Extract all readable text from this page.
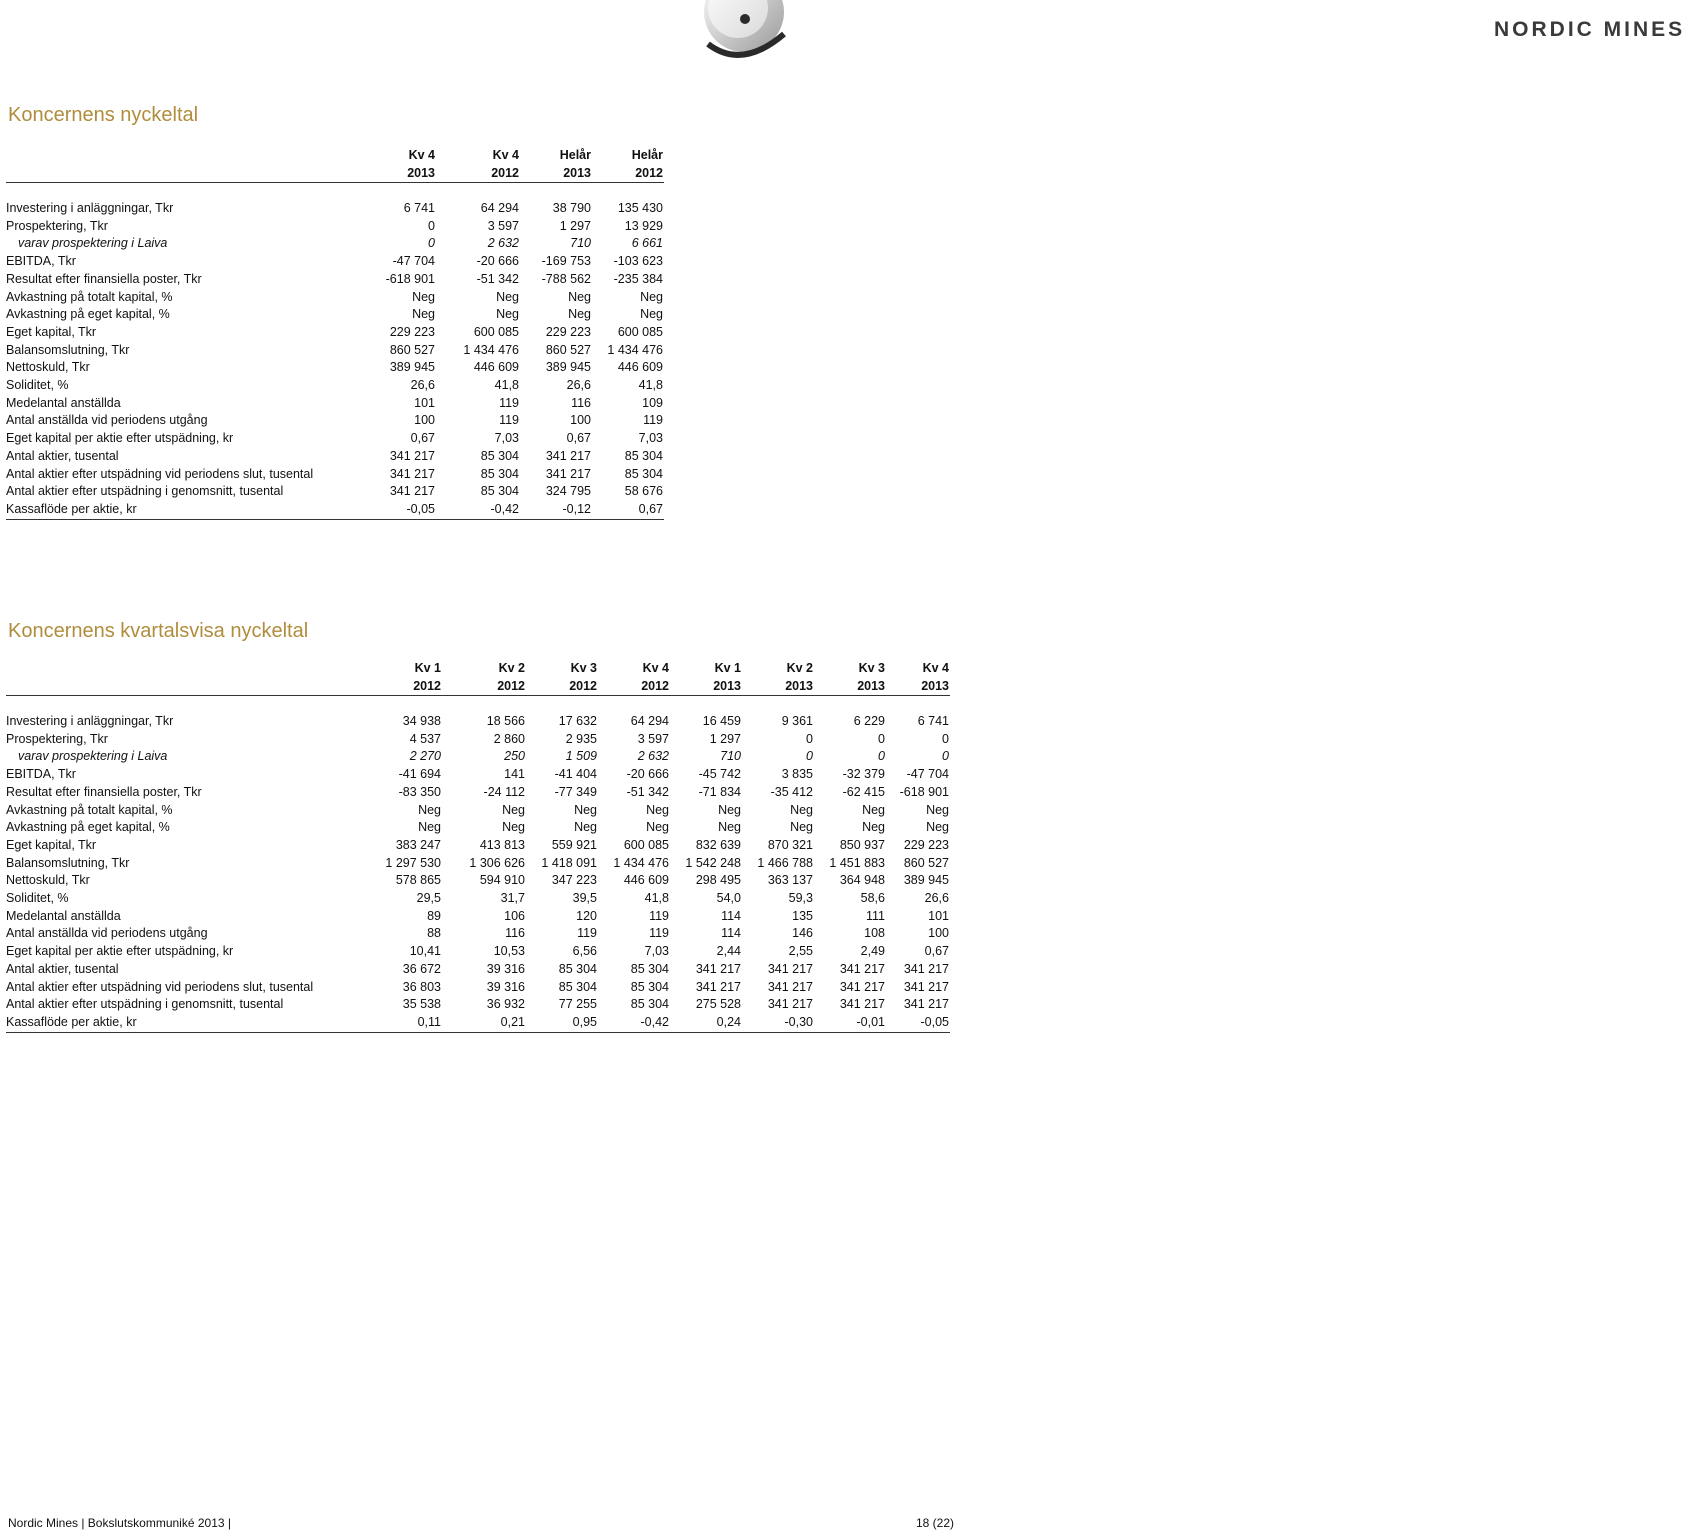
NORDIC MINES
Koncernens nyckeltal
	Kv 4	Kv 4	Helår	Helår
	2013	2012	2013	2012

Investering i anläggningar, Tkr	6 741	64 294	38 790	135 430
Prospektering, Tkr	0	3 597	1 297	13 929
varav prospektering i Laiva	0	2 632	710	6 661
EBITDA, Tkr	-47 704	-20 666	-169 753	-103 623
Resultat efter finansiella poster, Tkr	-618 901	-51 342	-788 562	-235 384
Avkastning på totalt kapital, %	Neg	Neg	Neg	Neg
Avkastning på eget kapital, %	Neg	Neg	Neg	Neg
Eget kapital, Tkr	229 223	600 085	229 223	600 085
Balansomslutning, Tkr	860 527	1 434 476	860 527	1 434 476
Nettoskuld, Tkr	389 945	446 609	389 945	446 609
Soliditet, %	26,6	41,8	26,6	41,8
Medelantal anställda	101	119	116	109
Antal anställda vid periodens utgång	100	119	100	119
Eget kapital per aktie efter utspädning, kr	0,67	7,03	0,67	7,03
Antal aktier, tusental	341 217	85 304	341 217	85 304
Antal aktier efter utspädning vid periodens slut, tusental	341 217	85 304	341 217	85 304
Antal aktier efter utspädning i genomsnitt, tusental	341 217	85 304	324 795	58 676
Kassaflöde per aktie, kr	-0,05	-0,42	-0,12	0,67
Koncernens kvartalsvisa nyckeltal
	Kv 1	Kv 2	Kv 3	Kv 4	Kv 1	Kv 2	Kv 3	Kv 4
	2012	2012	2012	2012	2013	2013	2013	2013

Investering i anläggningar, Tkr	34 938	18 566	17 632	64 294	16 459	9 361	6 229	6 741
Prospektering, Tkr	4 537	2 860	2 935	3 597	1 297	0	0	0
varav prospektering i Laiva	2 270	250	1 509	2 632	710	0	0	0
EBITDA, Tkr	-41 694	141	-41 404	-20 666	-45 742	3 835	-32 379	-47 704
Resultat efter finansiella poster, Tkr	-83 350	-24 112	-77 349	-51 342	-71 834	-35 412	-62 415	-618 901
Avkastning på totalt kapital, %	Neg	Neg	Neg	Neg	Neg	Neg	Neg	Neg
Avkastning på eget kapital, %	Neg	Neg	Neg	Neg	Neg	Neg	Neg	Neg
Eget kapital, Tkr	383 247	413 813	559 921	600 085	832 639	870 321	850 937	229 223
Balansomslutning, Tkr	1 297 530	1 306 626	1 418 091	1 434 476	1 542 248	1 466 788	1 451 883	860 527
Nettoskuld, Tkr	578 865	594 910	347 223	446 609	298 495	363 137	364 948	389 945
Soliditet, %	29,5	31,7	39,5	41,8	54,0	59,3	58,6	26,6
Medelantal anställda	89	106	120	119	114	135	111	101
Antal anställda vid periodens utgång	88	116	119	119	114	146	108	100
Eget kapital per aktie efter utspädning, kr	10,41	10,53	6,56	7,03	2,44	2,55	2,49	0,67
Antal aktier, tusental	36 672	39 316	85 304	85 304	341 217	341 217	341 217	341 217
Antal aktier efter utspädning vid periodens slut, tusental	36 803	39 316	85 304	85 304	341 217	341 217	341 217	341 217
Antal aktier efter utspädning i genomsnitt, tusental	35 538	36 932	77 255	85 304	275 528	341 217	341 217	341 217
Kassaflöde per aktie, kr	0,11	0,21	0,95	-0,42	0,24	-0,30	-0,01	-0,05
Nordic Mines | Bokslutskommuniké 2013 |	18 (22)
